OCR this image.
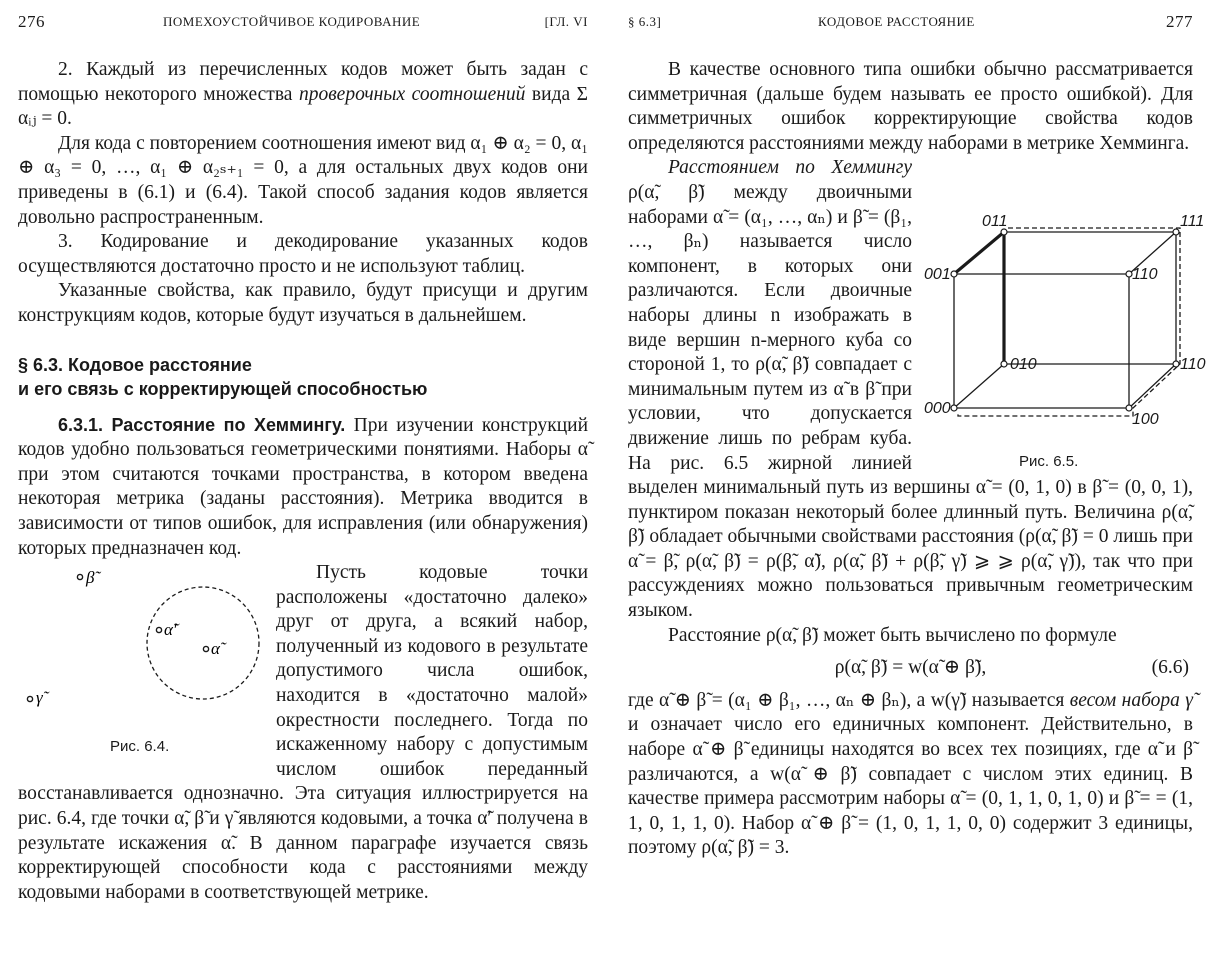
276	ПОМЕХОУСТОЙЧИВОЕ КОДИРОВАНИЕ	[ГЛ. VI

2. Каждый из перечисленных кодов может быть задан с помощью некоторого множества проверочных соотношений вида Σ αᵢⱼ = 0.

Для кода с повторением соотношения имеют вид α₁ ⊕ α₂ = 0, α₁ ⊕ α₃ = 0, …, α₁ ⊕ α₂ₛ₊₁ = 0, а для остальных двух кодов они приведены в (6.1) и (6.4). Такой способ задания кодов является довольно распространенным.

3. Кодирование и декодирование указанных кодов осуществляются достаточно просто и не используют таблиц.

Указанные свойства, как правило, будут присущи и другим конструкциям кодов, которые будут изучаться в дальнейшем.

§ 6.3. Кодовое расстояние
и его связь с корректирующей способностью

6.3.1. Расстояние по Хеммингу. При изучении конструкций кодов удобно пользоваться геометрическими понятиями. Наборы α̃ при этом считаются точками пространства, в котором введена некоторая метрика (заданы расстояния). Метрика вводится в зависимости от типов ошибок, для исправления (или обнаружения) которых предназначен код.

β̃
α̃′
α̃
γ̃
Рис. 6.4.

Пусть кодовые точки расположены «достаточно далеко» друг от друга, а всякий набор, полученный из кодового в результате допустимого числа ошибок, находится в «достаточно малой» окрестности последнего. Тогда по искаженному набору с допустимым числом ошибок переданный восстанавливается однозначно. Эта ситуация иллюстрируется на рис. 6.4, где точки α̃, β̃ и γ̃ являются кодовыми, а точка α̃′ получена в результате искажения α̃. В данном параграфе изучается связь корректирующей способности кода с расстояниями между кодовыми наборами в соответствующей метрике.

§ 6.3]	КОДОВОЕ РАССТОЯНИЕ	277

В качестве основного типа ошибки обычно рассматривается симметричная (дальше будем называть ее просто ошибкой). Для симметричных ошибок корректирующие свойства кодов определяются расстояниями между наборами в метрике Хемминга.

011	111
001	110
010	110
000
100
Рис. 6.5.

Расстоянием по Хеммингу ρ(α̃, β̃) между двоичными наборами α̃ = (α₁, …, αₙ) и β̃ = (β₁, …, βₙ) называется число компонент, в которых они различаются. Если двоичные наборы длины n изображать в виде вершин n-мерного куба со стороной 1, то ρ(α̃, β̃) совпадает с минимальным путем из α̃ в β̃ при условии, что допускается движение лишь по ребрам куба. На рис. 6.5 жирной линией выделен минимальный путь из вершины α̃ = (0, 1, 0) в β̃ = (0, 0, 1), пунктиром показан некоторый более длинный путь. Величина ρ(α̃, β̃) обладает обычными свойствами расстояния (ρ(α̃, β̃) = 0 лишь при α̃ = β̃, ρ(α̃, β̃) = ρ(β̃, α̃), ρ(α̃, β̃) + ρ(β̃, γ̃) ⩾ ⩾ ρ(α̃, γ̃)), так что при рассуждениях можно пользоваться привычным геометрическим языком.

Расстояние ρ(α̃, β̃) может быть вычислено по формуле

ρ(α̃, β̃) = w(α̃ ⊕ β̃),	(6.6)

где α̃ ⊕ β̃ = (α₁ ⊕ β₁, …, αₙ ⊕ βₙ), а w(γ̃) называется весом набора γ̃ и означает число его единичных компонент. Действительно, в наборе α̃ ⊕ β̃ единицы находятся во всех тех позициях, где α̃ и β̃ различаются, а w(α̃ ⊕ β̃) совпадает с числом этих единиц. В качестве примера рассмотрим наборы α̃ = (0, 1, 1, 0, 1, 0) и β̃ = = (1, 1, 0, 1, 1, 0). Набор α̃ ⊕ β̃ = (1, 0, 1, 1, 0, 0) содержит 3 единицы, поэтому ρ(α̃, β̃) = 3.
